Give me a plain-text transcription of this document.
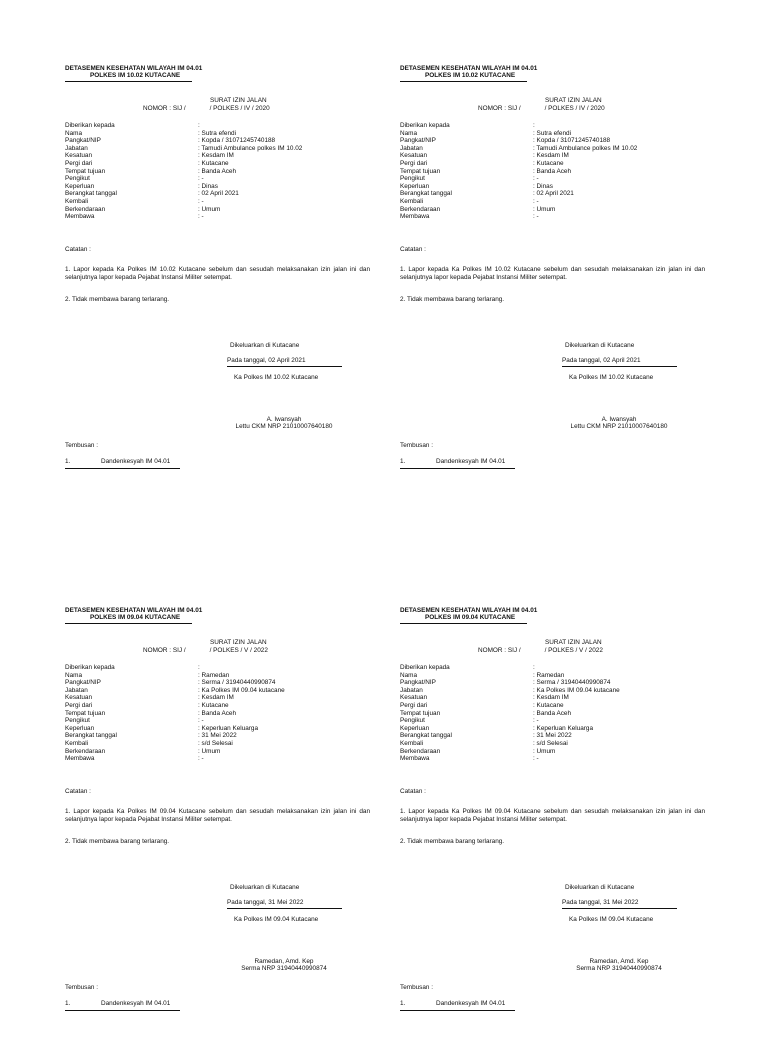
DETASEMEN KESEHATAN WILAYAH IM 04.01
POLKES IM 10.02 KUTACANE
SURAT IZIN JALAN
NOMOR : SIJ /	/ POLKES / IV / 2020
Diberikan kepada	:
Nama	: Sutra efendi
Pangkat/NIP	: Kopda / 31071245740188
Jabatan	: Tamudi Ambulance polkes IM 10.02
Kesatuan	: Kesdam IM
Pergi dari	: Kutacane
Tempat tujuan	: Banda Aceh
Pengikut	: -
Keperluan	: Dinas
Berangkat tanggal	: 02 April 2021
Kembali	: -
Berkendaraan	: Umum
Membawa	: -
Catatan :
1. Lapor kepada Ka Polkes IM 10.02 Kutacane sebelum dan sesudah melaksanakan izin jalan ini dan selanjutnya lapor kepada Pejabat Instansi Militer setempat.
2. Tidak membawa barang terlarang.
Dikeluarkan di Kutacane
Pada tanggal, 02 April 2021
Ka Polkes IM 10.02 Kutacane
A. Iwansyah
Lettu CKM NRP 21010007640180
Tembusan :
1.	Dandenkesyah IM 04.01
DETASEMEN KESEHATAN WILAYAH IM 04.01
POLKES IM 10.02 KUTACANE
SURAT IZIN JALAN
NOMOR : SIJ /	/ POLKES / IV / 2020
Diberikan kepada	:
Nama	: Sutra efendi
Pangkat/NIP	: Kopda / 31071245740188
Jabatan	: Tamudi Ambulance polkes IM 10.02
Kesatuan	: Kesdam IM
Pergi dari	: Kutacane
Tempat tujuan	: Banda Aceh
Pengikut	: -
Keperluan	: Dinas
Berangkat tanggal	: 02 April 2021
Kembali	: -
Berkendaraan	: Umum
Membawa	: -
Catatan :
1. Lapor kepada Ka Polkes IM 10.02 Kutacane sebelum dan sesudah melaksanakan izin jalan ini dan selanjutnya lapor kepada Pejabat Instansi Militer setempat.
2. Tidak membawa barang terlarang.
Dikeluarkan di Kutacane
Pada tanggal, 02 April 2021
Ka Polkes IM 10.02 Kutacane
A. Iwansyah
Lettu CKM NRP 21010007640180
Tembusan :
1.	Dandenkesyah IM 04.01
DETASEMEN KESEHATAN WILAYAH IM 04.01
POLKES IM 09.04 KUTACANE
SURAT IZIN JALAN
NOMOR : SIJ /	/ POLKES / V / 2022
Diberikan kepada	:
Nama	: Ramedan
Pangkat/NIP	: Serma / 31940440990874
Jabatan	: Ka Polkes IM 09.04 kutacane
Kesatuan	: Kesdam IM
Pergi dari	: Kutacane
Tempat tujuan	: Banda Aceh
Pengikut	: -
Keperluan	: Keperluan Keluarga
Berangkat tanggal	: 31 Mei 2022
Kembali	: s/d Selesai
Berkendaraan	: Umum
Membawa	: -
Catatan :
1. Lapor kepada Ka Polkes IM 09.04 Kutacane sebelum dan sesudah melaksanakan izin jalan ini dan selanjutnya lapor kepada Pejabat Instansi Militer setempat.
2. Tidak membawa barang terlarang.
Dikeluarkan di Kutacane
Pada tanggal, 31 Mei 2022
Ka Polkes IM 09.04 Kutacane
Ramedan, Amd. Kep
Serma NRP 31940440990874
Tembusan :
1.	Dandenkesyah IM 04.01
DETASEMEN KESEHATAN WILAYAH IM 04.01
POLKES IM 09.04 KUTACANE
SURAT IZIN JALAN
NOMOR : SIJ /	/ POLKES / V / 2022
Diberikan kepada	:
Nama	: Ramedan
Pangkat/NIP	: Serma / 31940440990874
Jabatan	: Ka Polkes IM 09.04 kutacane
Kesatuan	: Kesdam IM
Pergi dari	: Kutacane
Tempat tujuan	: Banda Aceh
Pengikut	: -
Keperluan	: Keperluan Keluarga
Berangkat tanggal	: 31 Mei 2022
Kembali	: s/d Selesai
Berkendaraan	: Umum
Membawa	: -
Catatan :
1. Lapor kepada Ka Polkes IM 09.04 Kutacane sebelum dan sesudah melaksanakan izin jalan ini dan selanjutnya lapor kepada Pejabat Instansi Militer setempat.
2. Tidak membawa barang terlarang.
Dikeluarkan di Kutacane
Pada tanggal, 31 Mei 2022
Ka Polkes IM 09.04 Kutacane
Ramedan, Amd. Kep
Serma NRP 31940440990874
Tembusan :
1.	Dandenkesyah IM 04.01
